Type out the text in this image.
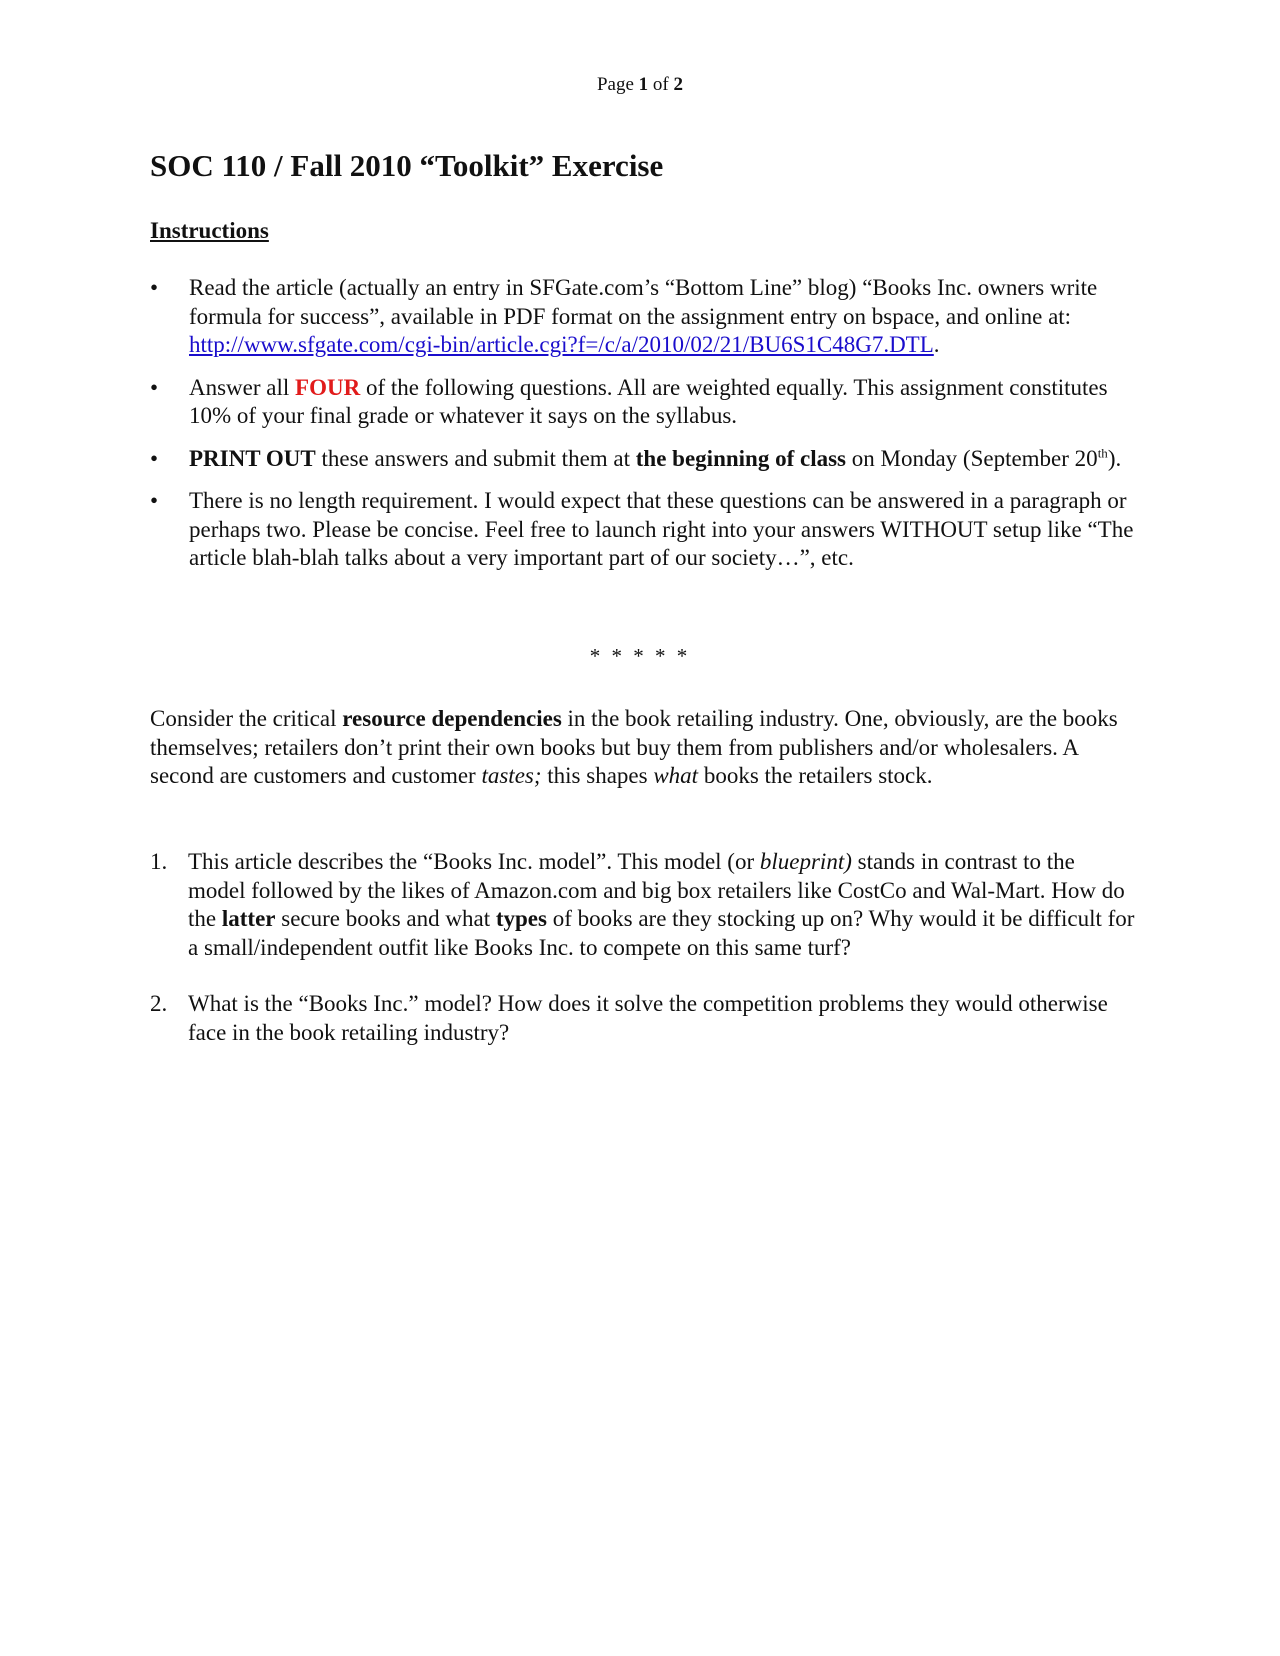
Page 1 of 2
SOC 110 / Fall 2010 “Toolkit” Exercise
Instructions
• Read the article (actually an entry in SFGate.com’s “Bottom Line” blog) “Books Inc. owners write formula for success”, available in PDF format on the assignment entry on bspace, and online at: http://www.sfgate.com/cgi-bin/article.cgi?f=/c/a/2010/02/21/BU6S1C48G7.DTL.
• Answer all FOUR of the following questions. All are weighted equally. This assignment constitutes 10% of your final grade or whatever it says on the syllabus.
• PRINT OUT these answers and submit them at the beginning of class on Monday (September 20th).
• There is no length requirement. I would expect that these questions can be answered in a paragraph or perhaps two. Please be concise. Feel free to launch right into your answers WITHOUT setup like “The article blah-blah talks about a very important part of our society…”, etc.
* * * * *

Consider the critical resource dependencies in the book retailing industry. One, obviously, are the books themselves; retailers don’t print their own books but buy them from publishers and/or wholesalers. A second are customers and customer tastes; this shapes what books the retailers stock.

1. This article describes the “Books Inc. model”. This model (or blueprint) stands in contrast to the model followed by the likes of Amazon.com and big box retailers like CostCo and Wal-Mart. How do the latter secure books and what types of books are they stocking up on? Why would it be difficult for a small/independent outfit like Books Inc. to compete on this same turf?
2. What is the “Books Inc.” model? How does it solve the competition problems they would otherwise face in the book retailing industry?
